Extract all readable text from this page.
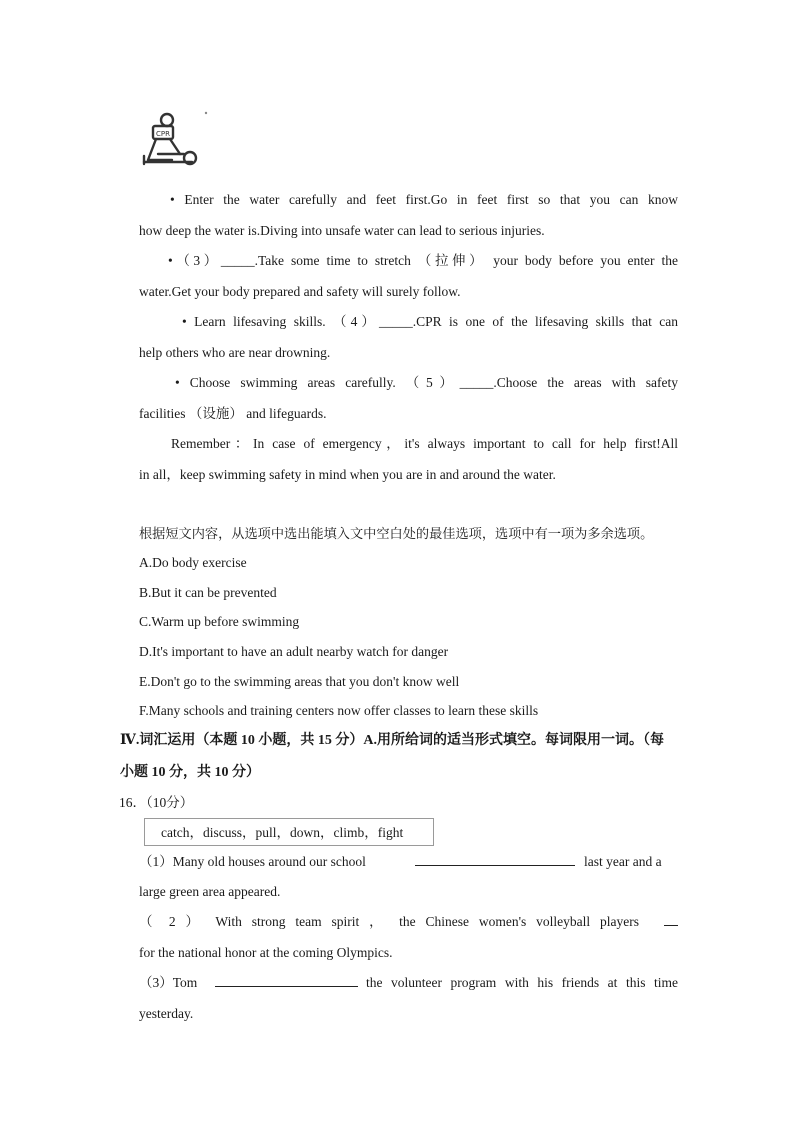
CPR
• Enter the water carefully and feet first.Go in feet first so that you can know
how deep the water is.Diving into unsafe water can lead to serious injuries.
•（3）_____.Take some time to stretch （拉伸） your body before you enter the
water.Get your body prepared and safety will surely follow.
• Learn lifesaving skills. （4）_____.CPR is one of the lifesaving skills that can
help others who are near drowning.
• Choose swimming areas carefully. （5）_____.Choose the areas with safety
facilities （设施） and lifeguards.
Remember：In case of emergency，it's always important to call for help first!All
in all，keep swimming safety in mind when you are in and around the water.
根据短文内容，从选项中选出能填入文中空白处的最佳选项，选项中有一项为多余选项。
A.Do body exercise
B.But it can be prevented
C.Warm up before swimming
D.It's important to have an adult nearby watch for danger
E.Don't go to the swimming areas that you don't know well
F.Many schools and training centers now offer classes to learn these skills
Ⅳ.词汇运用（本题 10 小题，共 15 分）A.用所给词的适当形式填空。每词限用一词。（每
小题 10 分，共 10 分）
16．（10分）
catch，discuss，pull，down，climb，fight
（1）Many old houses around our school	last year and a
large green area appeared.
（ 2 ） With strong team spirit ， the Chinese women's volleyball players
for the national honor at the coming Olympics.
（3）Tom	the volunteer program with his friends at this time
yesterday.
